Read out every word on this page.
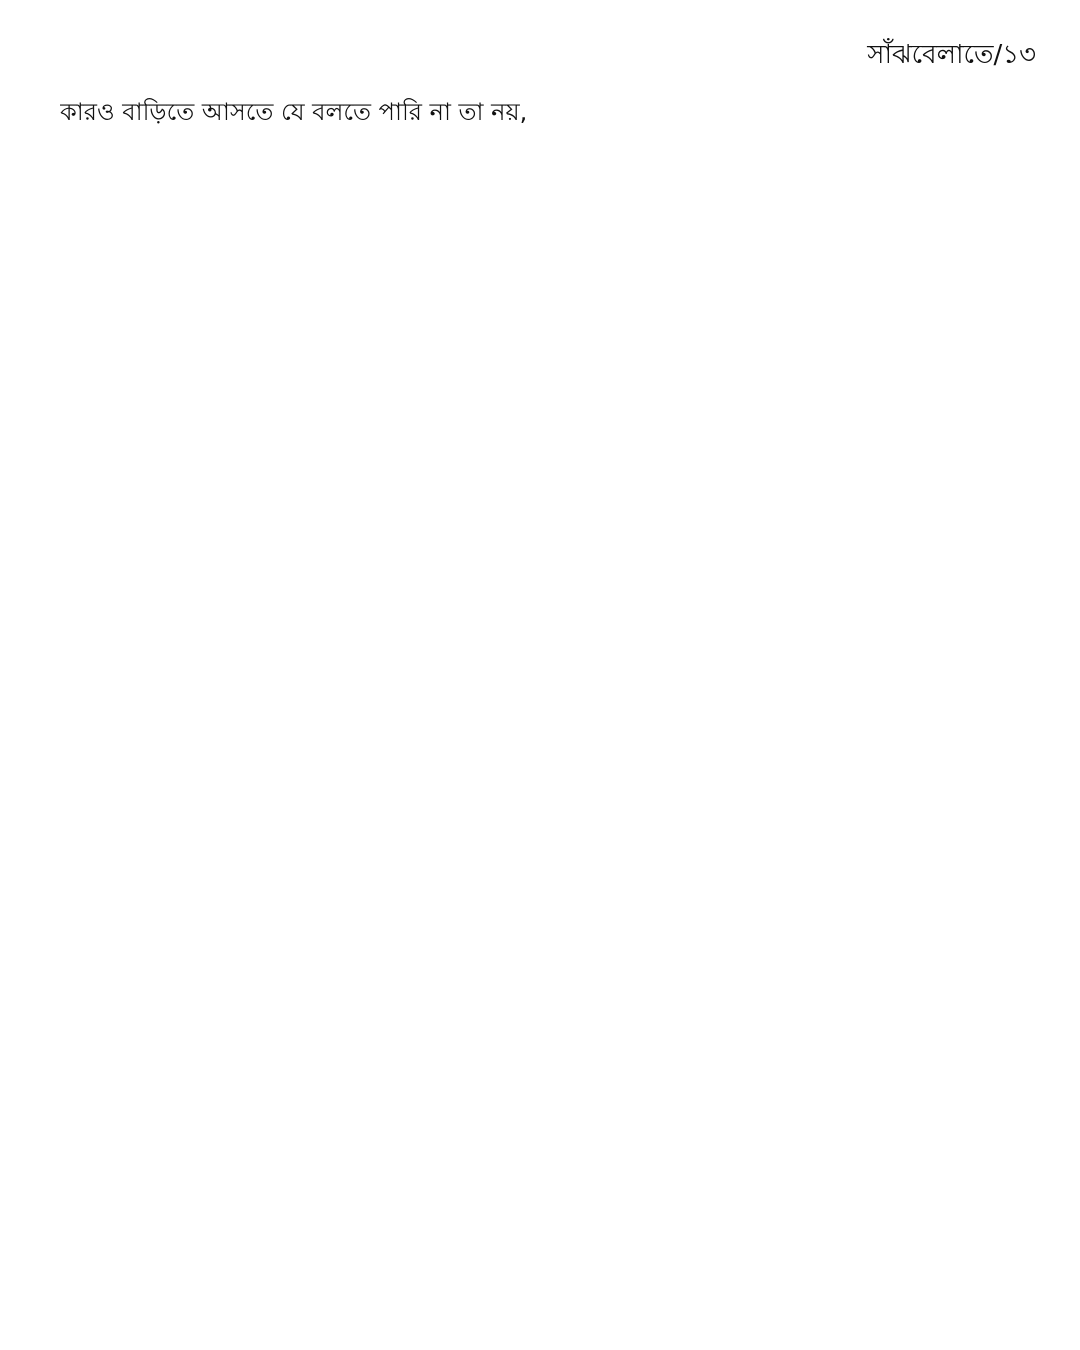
সাঁঝবেলাতে/১৩
কারও বাড়িতে আসতে যে বলতে পারি না তা নয়,
